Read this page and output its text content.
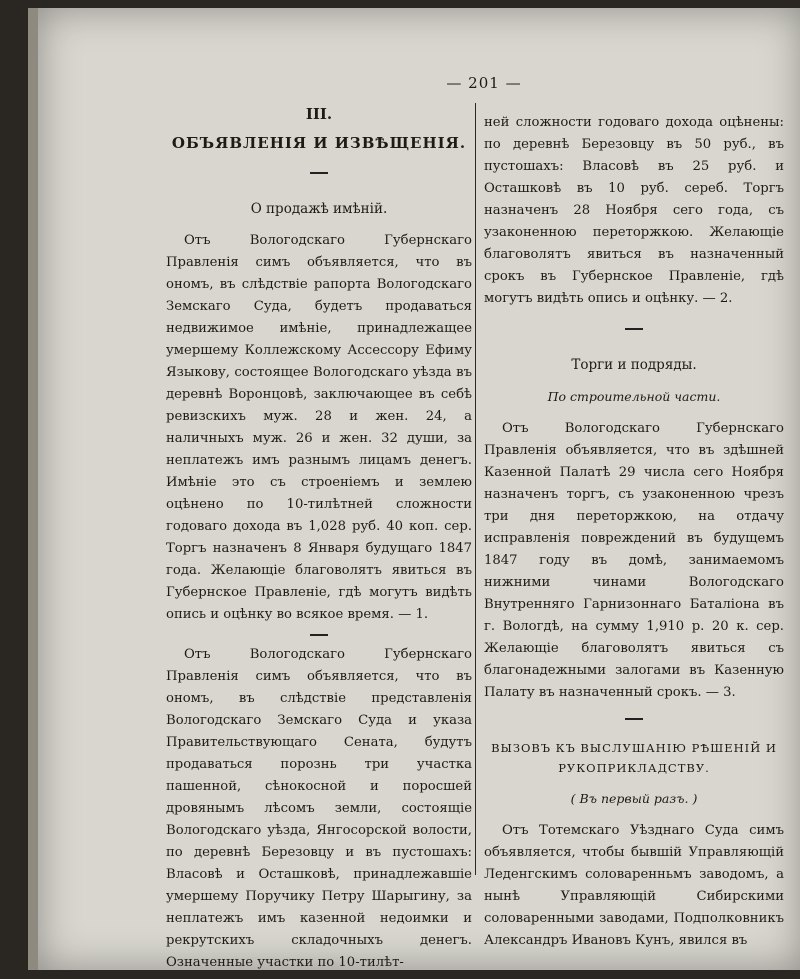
— 201 —
III.
ОБЪЯВЛЕНІЯ И ИЗВѢЩЕНІЯ.
О продажѣ имѣній.

Отъ Вологодскаго Губернскаго Правленія симъ объявляется, что въ ономъ, въ слѣдствіе рапорта Вологодскаго Земскаго Суда, будетъ продаваться недвижимое имѣніе, принадлежащее умершему Коллежскому Ассессору Ефиму Языкову, состоящее Вологодскаго уѣзда въ деревнѣ Воронцовѣ, заключающее въ себѣ ревизскихъ муж. 28 и жен. 24, а наличныхъ муж. 26 и жен. 32 души, за неплатежъ имъ разнымъ лицамъ денегъ. Имѣніе это съ строеніемъ и землею оцѣнено по 10-тилѣтней сложности годоваго дохода въ 1,028 руб. 40 коп. сер. Торгъ назначенъ 8 Января будущаго 1847 года. Желающіе благоволятъ явиться въ Губернское Правленіе, гдѣ могутъ видѣть опись и оцѣнку во всякое время. — 1.

Отъ Вологодскаго Губернскаго Правленія симъ объявляется, что въ ономъ, въ слѣдствіе представленія Вологодскаго Земскаго Суда и указа Правительствующаго Сената, будутъ продаваться порознь три участка пашенной, сѣнокосной и поросшей дровянымъ лѣсомъ земли, состоящіе Вологодскаго уѣзда, Янгосорской волости, по деревнѣ Березовцу и въ пустошахъ: Власовѣ и Осташковѣ, принадлежавшіе умершему Поручику Петру Шарыгину, за неплатежъ имъ казенной недоимки и рекрутскихъ складочныхъ денегъ. Означенные участки по 10-тилѣт-

ней сложности годоваго дохода оцѣнены: по деревнѣ Березовцу въ 50 руб., въ пустошахъ: Власовѣ въ 25 руб. и Осташковѣ въ 10 руб. сереб. Торгъ назначенъ 28 Ноября сего года, съ узаконенною переторжкою. Желающіе благоволятъ явиться въ назначенный срокъ въ Губернское Правленіе, гдѣ могутъ видѣть опись и оцѣнку. — 2.

Торги и подряды.
По строительной части.

Отъ Вологодскаго Губернскаго Правленія объявляется, что въ здѣшней Казенной Палатѣ 29 числа сего Ноября назначенъ торгъ, съ узаконенною чрезъ три дня переторжкою, на отдачу исправленія повреждений въ будущемъ 1847 году въ домѣ, занимаемомъ нижними чинами Вологодскаго Внутренняго Гарнизоннаго Баталіона въ г. Вологдѣ, на сумму 1,910 р. 20 к. сер. Желающіе благоволятъ явиться съ благонадежными залогами въ Казенную Палату въ назначенный срокъ. — 3.

ВЫЗОВЪ КЪ ВЫСЛУШАНІЮ РѢШЕНІЙ И РУКОПРИКЛАДСТВУ.
( Въ первый разъ. )

Отъ Тотемскаго Уѣзднаго Суда симъ объявляется, чтобы бывшій Управляющій Леденгскимъ соловаренньмъ заводомъ, а нынѣ Управляющій Сибирскими соловаренными заводами, Подполковникъ Александръ Ивановъ Кунъ, явился въ
